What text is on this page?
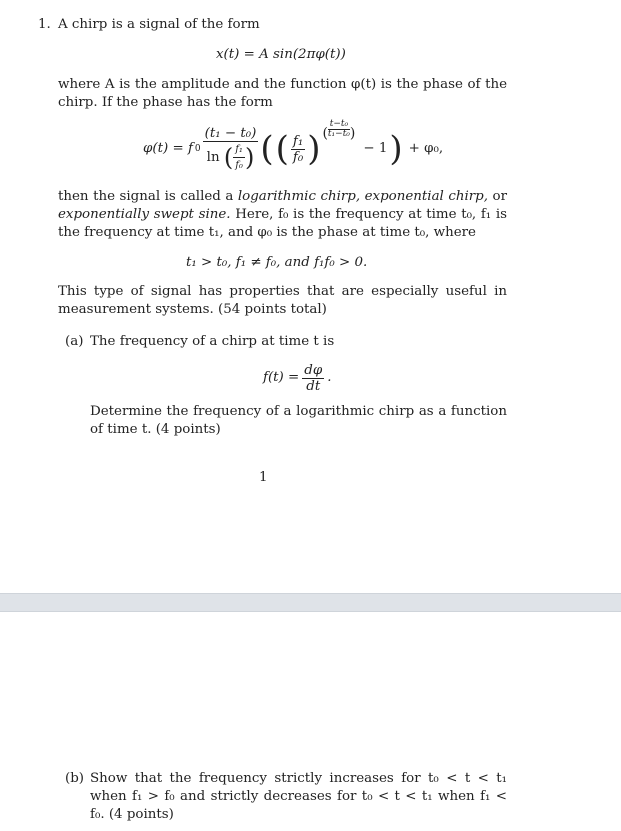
1. A chirp is a signal of the form
x(t) = A sin(2πφ(t))
where A is the amplitude and the function φ(t) is the phase of the chirp. If the phase has the form
φ(t) = f $0 \frac{\text{(t₁ − t₀)}}{\ln ( \frac{\text{f₁}}{\text{f₀}} )}$ ( ( $\frac{\text{f₁}}{\text{f₀}}$ ) ( $\frac{\text{t−t₀}}{\text{t₁−t₀}}$ )
− 1 ) + φ₀,
then the signal is called a logarithmic chirp, exponential chirp, or exponentially swept sine. Here, f₀ is the frequency at time t₀, f₁ is the frequency at time t₁, and φ₀ is the phase at time t₀, where
t₁ > t₀, f₁ ≠ f₀, and f₁f₀ > 0.
This type of signal has properties that are especially useful in measurement systems. (54 points total)
(a) The frequency of a chirp at time t is
$f(t) = \frac{d\varphi}{dt}$ .
Determine the frequency of a logarithmic chirp as a function of time t. (4 points)
1
(b) Show that the frequency strictly increases for t₀ < t < t₁ when f₁ > f₀ and strictly decreases for t₀ < t < t₁ when f₁ < f₀. (4 points)
